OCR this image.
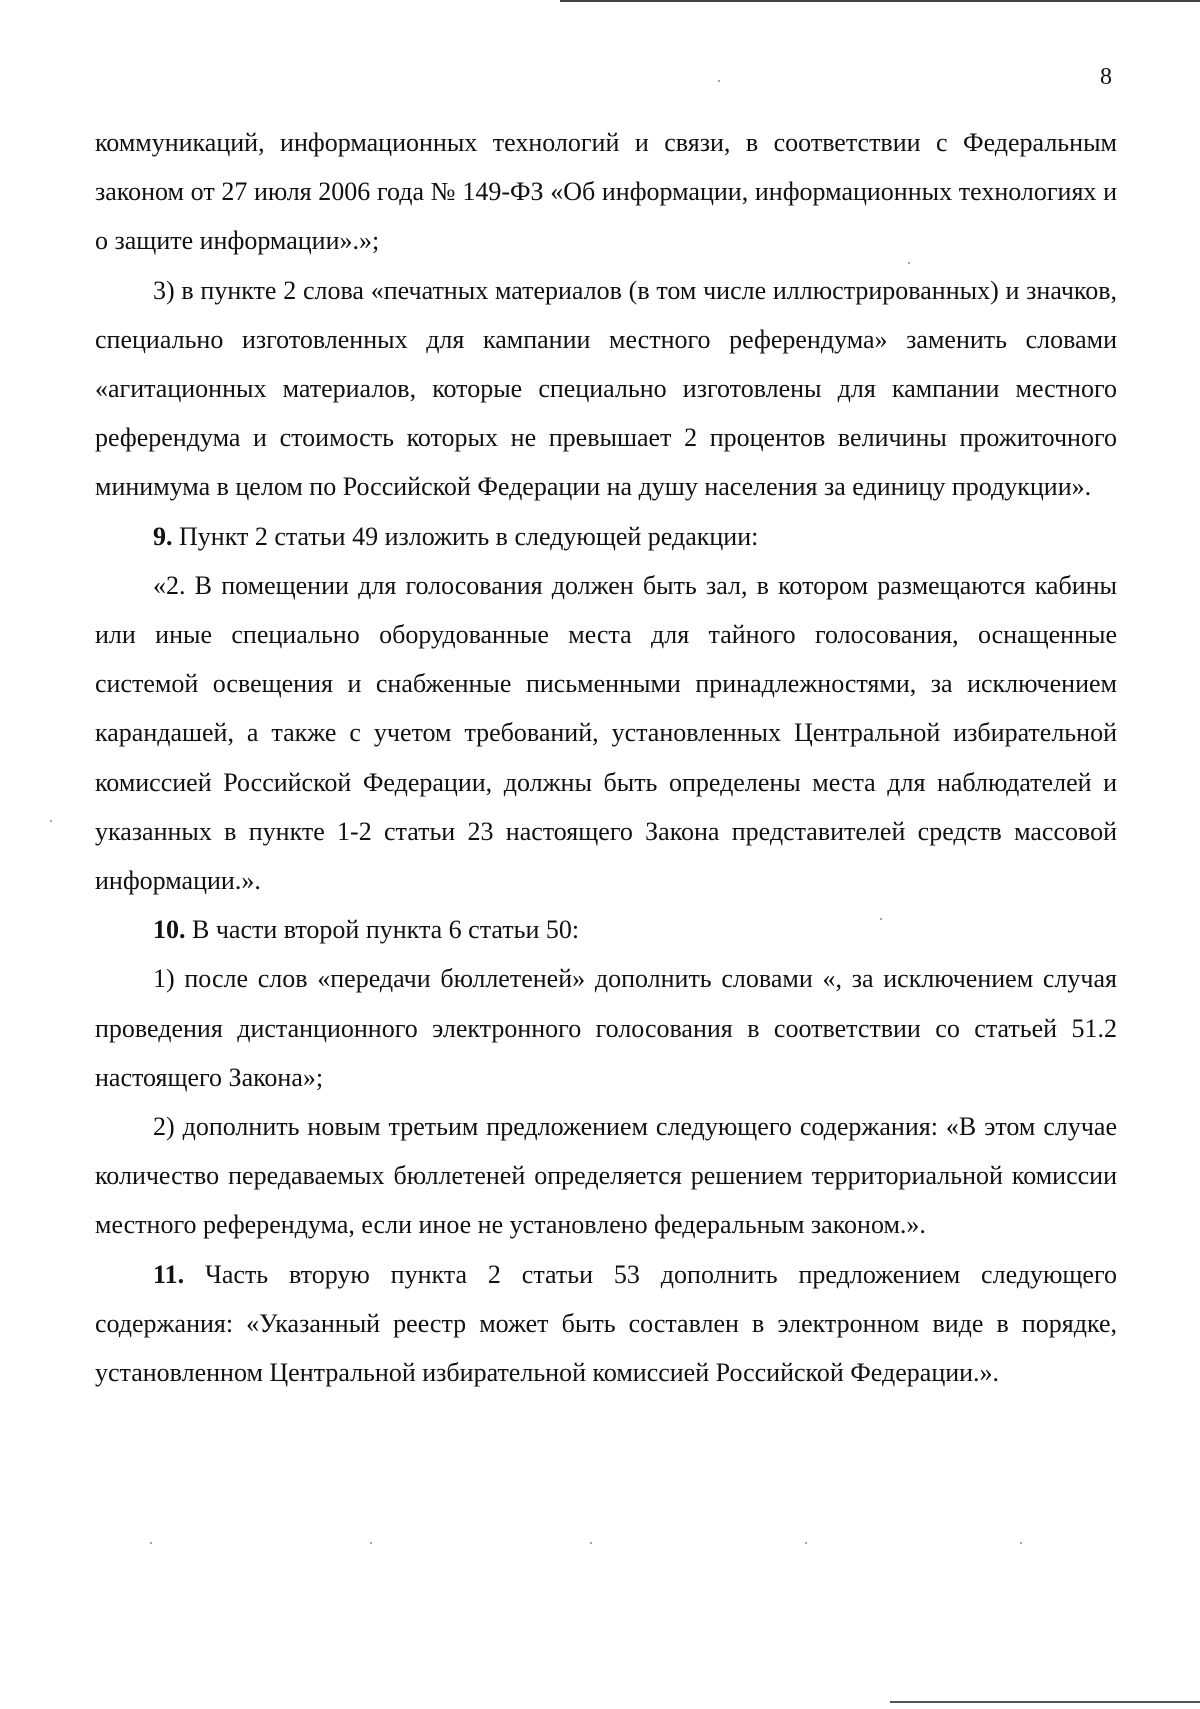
8

коммуникаций, информационных технологий и связи, в соответствии с Федеральным законом от 27 июля 2006 года № 149-ФЗ «Об информации, информационных технологиях и о защите информации».»;

3) в пункте 2 слова «печатных материалов (в том числе иллюстрированных) и значков, специально изготовленных для кампании местного референдума» заменить словами «агитационных материалов, которые специально изготовлены для кампании местного референдума и стоимость которых не превышает 2 процентов величины прожиточного минимума в целом по Российской Федерации на душу населения за единицу продукции».

9. Пункт 2 статьи 49 изложить в следующей редакции:

«2. В помещении для голосования должен быть зал, в котором размещаются кабины или иные специально оборудованные места для тайного голосования, оснащенные системой освещения и снабженные письменными принадлежностями, за исключением карандашей, а также с учетом требований, установленных Центральной избирательной комиссией Российской Федерации, должны быть определены места для наблюдателей и указанных в пункте 1-2 статьи 23 настоящего Закона представителей средств массовой информации.».

10. В части второй пункта 6 статьи 50:

1) после слов «передачи бюллетеней» дополнить словами «, за исключением случая проведения дистанционного электронного голосования в соответствии со статьей 51.2 настоящего Закона»;

2) дополнить новым третьим предложением следующего содержания: «В этом случае количество передаваемых бюллетеней определяется решением территориальной комиссии местного референдума, если иное не установлено федеральным законом.».

11. Часть вторую пункта 2 статьи 53 дополнить предложением следующего содержания: «Указанный реестр может быть составлен в электронном виде в порядке, установленном Центральной избирательной комиссией Российской Федерации.».
